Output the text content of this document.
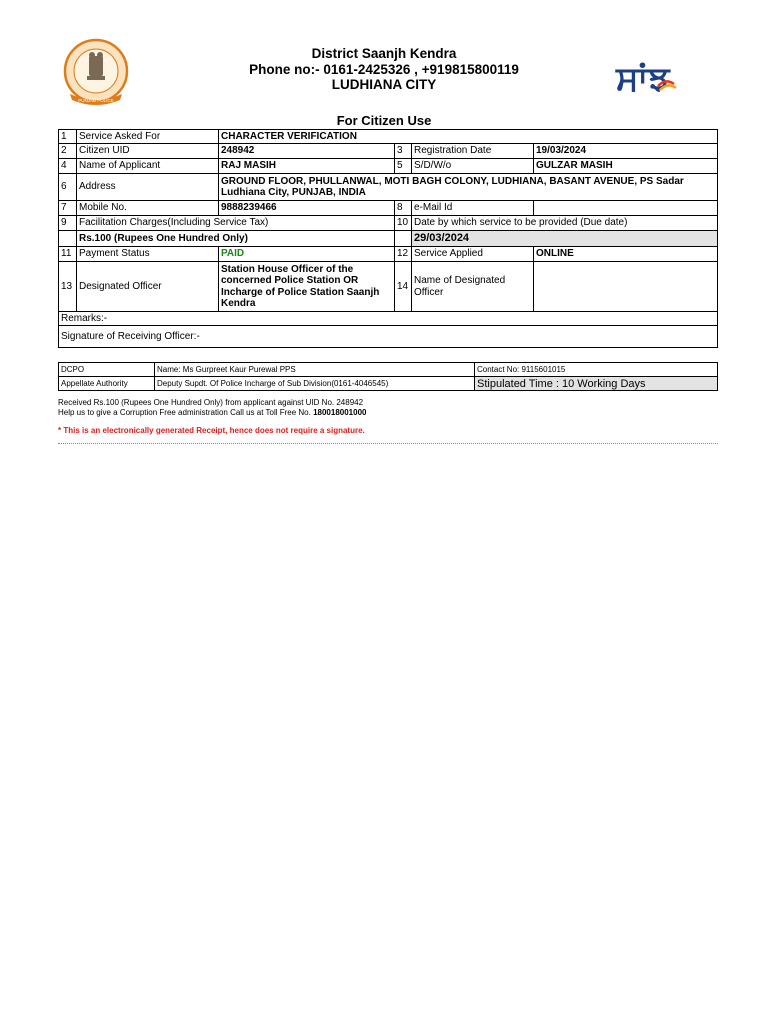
PUNJAB POLICE
ਸਾਂਝ
District Saanjh Kendra
Phone no:- 0161-2425326 , +919815800119
LUDHIANA CITY
For Citizen Use
1	Service Asked For	CHARACTER VERIFICATION			
2	Citizen UID	248942	3	Registration Date	19/03/2024
4	Name of Applicant	RAJ MASIH	5	S/D/W/o	GULZAR MASIH
6	Address	GROUND FLOOR, PHULLANWAL, MOTI BAGH COLONY, LUDHIANA, BASANT AVENUE, PS Sadar Ludhiana City, PUNJAB, INDIA			
7	Mobile No.	9888239466	8	e-Mail Id	
9	Facilitation Charges(Including Service Tax)		10	Date by which service to be provided (Due date)	
	Rs.100 (Rupees One Hundred Only)			29/03/2024	
11	Payment Status	PAID	12	Service Applied	ONLINE
13	Designated Officer	Station House Officer of the concerned Police Station OR Incharge of Police Station Saanjh Kendra	14	Name of Designated Officer	
Remarks:-					
Signature of Receiving Officer:-					
DCPO	Name: Ms Gurpreet Kaur Purewal PPS	Contact No: 9115601015
Appellate Authority	Deputy Supdt. Of Police Incharge of Sub Division(0161-4046545)	Stipulated Time : 10 Working Days
Received Rs.100 (Rupees One Hundred Only) from applicant against UID No. 248942
Help us to give a Corruption Free administration Call us at Toll Free No. 180018001000
* This is an electronically generated Receipt, hence does not require a signature.
